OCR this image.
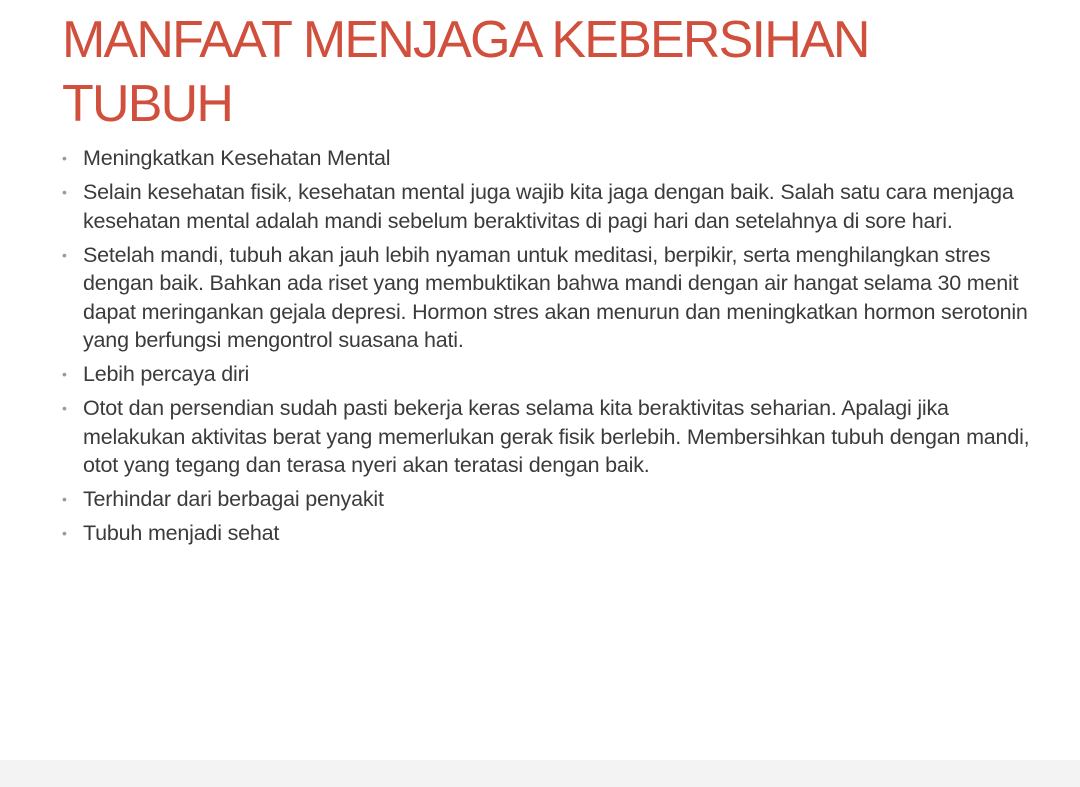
MANFAAT MENJAGA KEBERSIHAN TUBUH
• Meningkatkan Kesehatan Mental
• Selain kesehatan fisik, kesehatan mental juga wajib kita jaga dengan baik. Salah satu cara menjaga kesehatan mental adalah mandi sebelum beraktivitas di pagi hari dan setelahnya di sore hari.
• Setelah mandi, tubuh akan jauh lebih nyaman untuk meditasi, berpikir, serta menghilangkan stres dengan baik. Bahkan ada riset yang membuktikan bahwa mandi dengan air hangat selama 30 menit dapat meringankan gejala depresi. Hormon stres akan menurun dan meningkatkan hormon serotonin yang berfungsi mengontrol suasana hati.
• Lebih percaya diri
• Otot dan persendian sudah pasti bekerja keras selama kita beraktivitas seharian. Apalagi jika melakukan aktivitas berat yang memerlukan gerak fisik berlebih. Membersihkan tubuh dengan mandi, otot yang tegang dan terasa nyeri akan teratasi dengan baik.
• Terhindar dari berbagai penyakit
• Tubuh menjadi sehat
